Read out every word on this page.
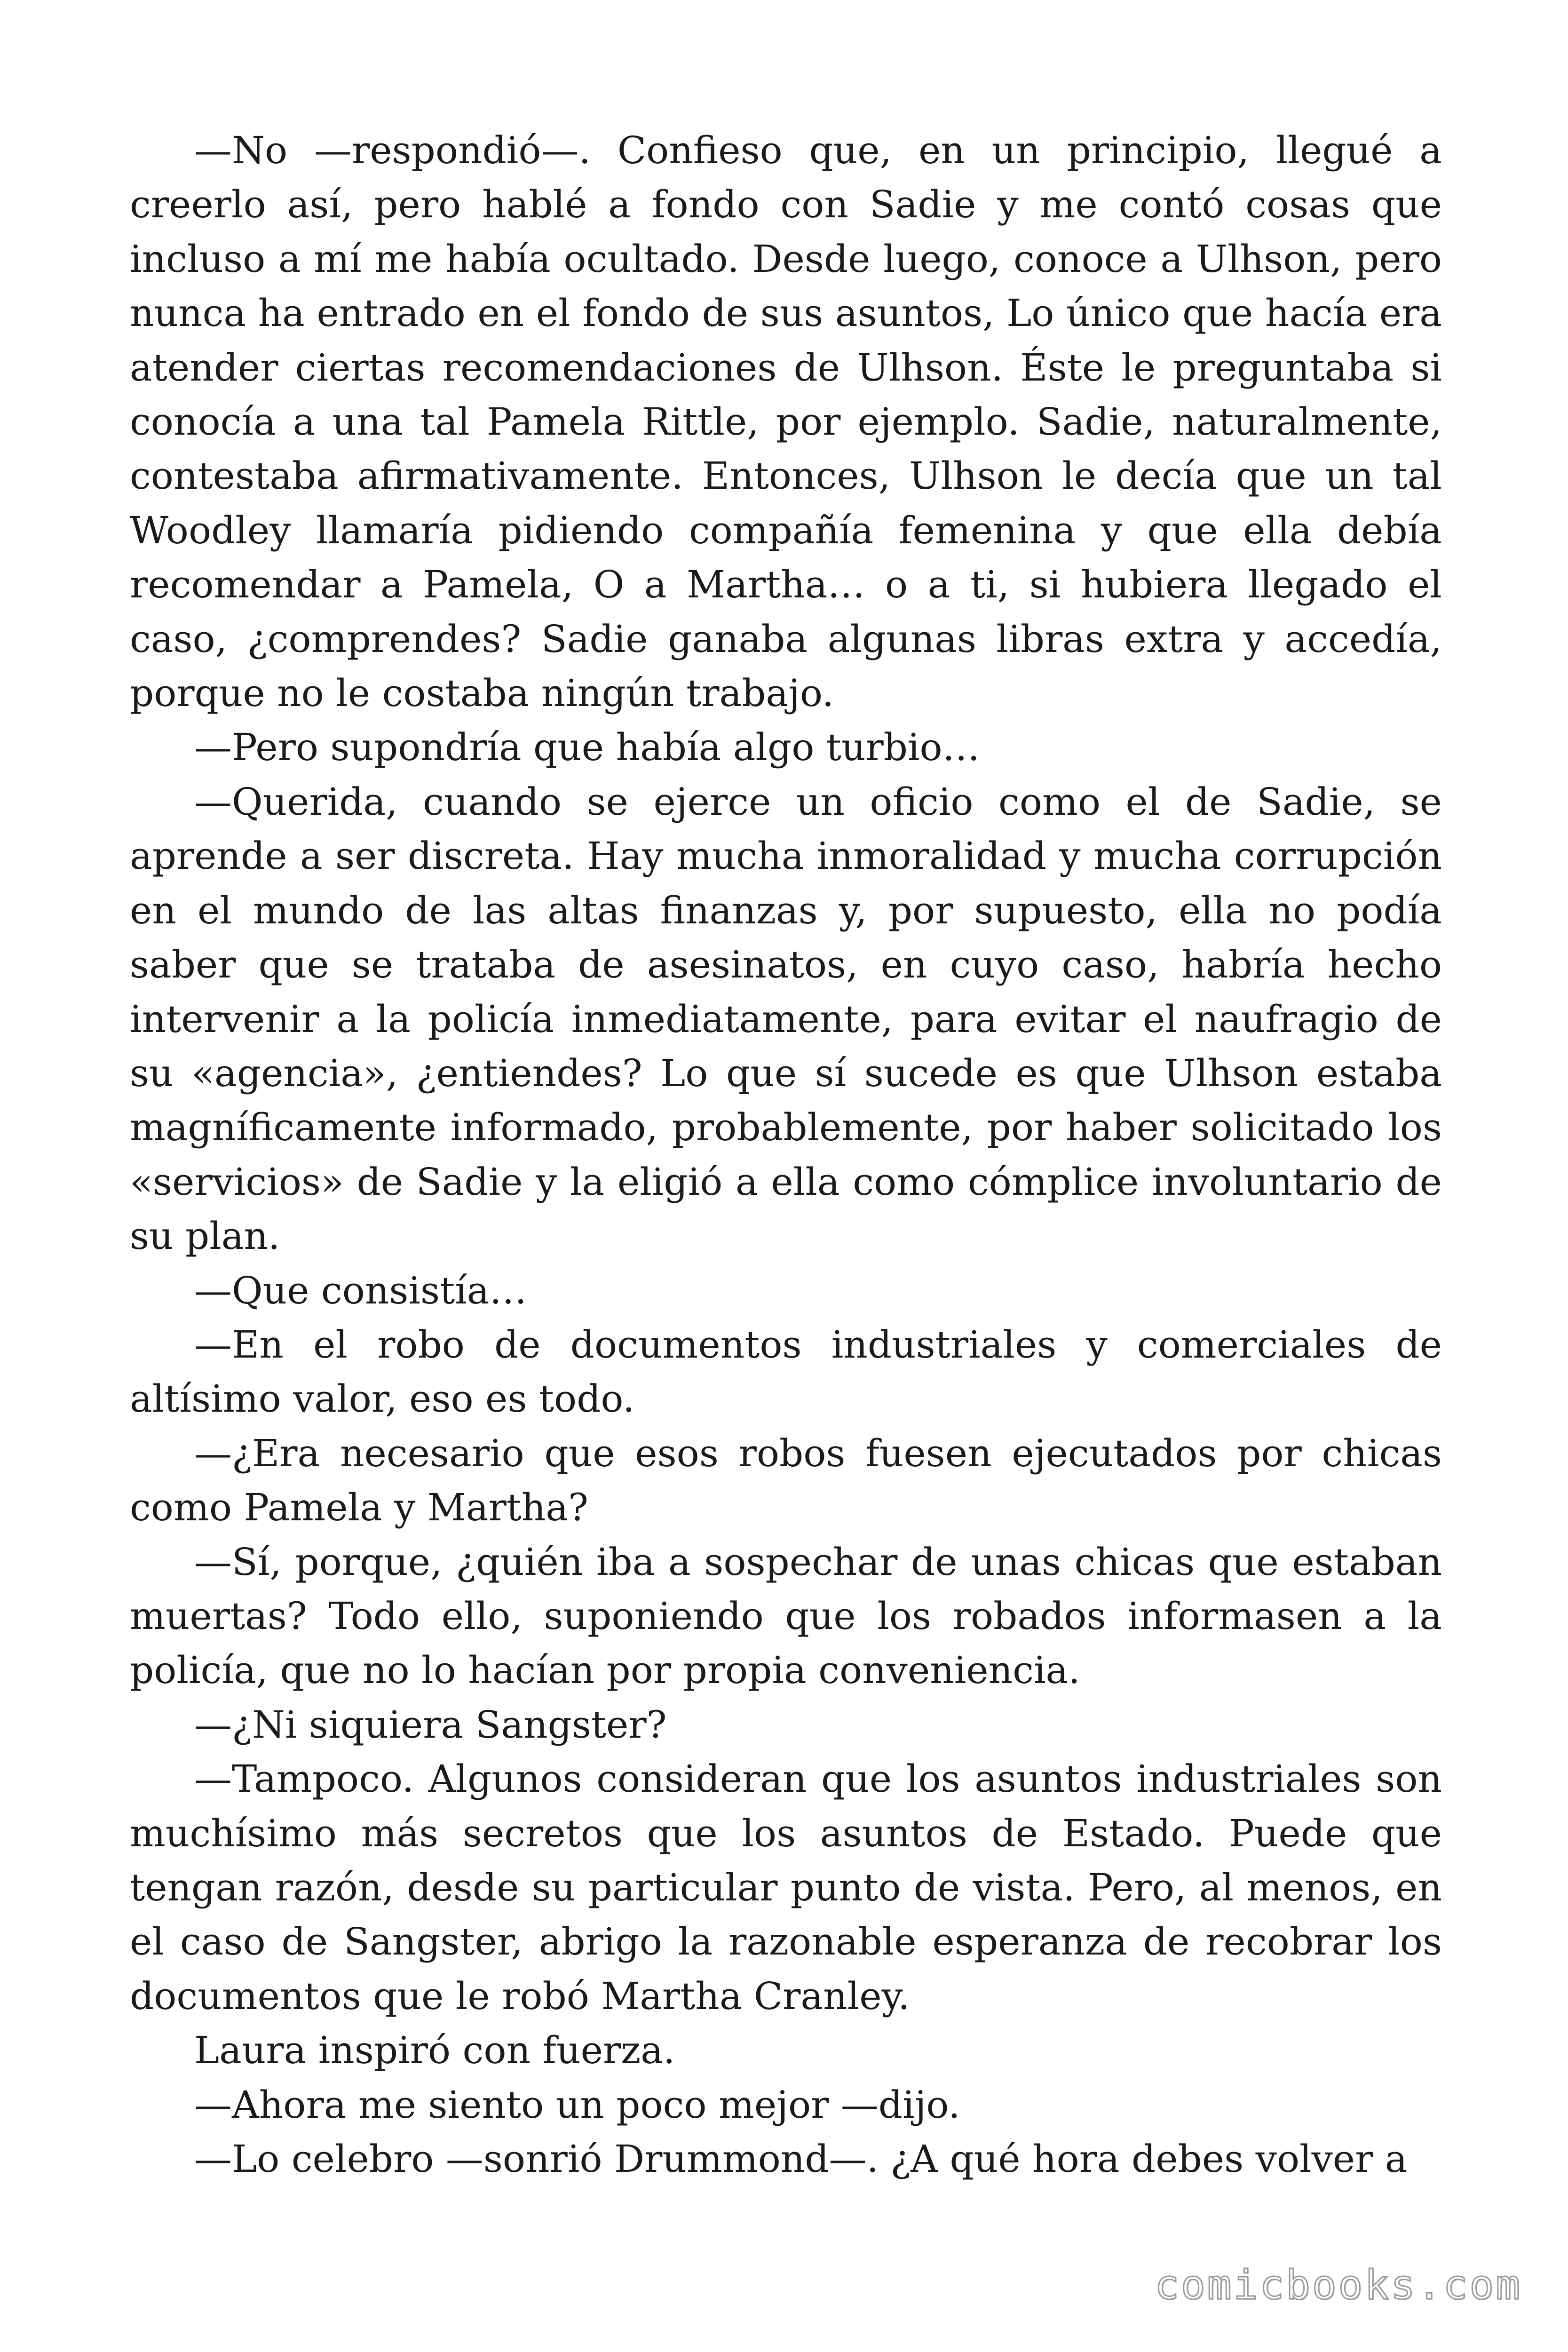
—No —respondió—. Confieso que, en un principio, llegué a creerlo así, pero hablé a fondo con Sadie y me contó cosas que incluso a mí me había ocultado. Desde luego, conoce a Ulhson, pero nunca ha entrado en el fondo de sus asuntos, Lo único que hacía era atender ciertas recomendaciones de Ulhson. Éste le preguntaba si conocía a una tal Pamela Rittle, por ejemplo. Sadie, naturalmente, contestaba afirmativamente. Entonces, Ulhson le decía que un tal Woodley llamaría pidiendo compañía femenina y que ella debía recomendar a Pamela, O a Martha… o a ti, si hubiera llegado el caso, ¿comprendes? Sadie ganaba algunas libras extra y accedía, porque no le costaba ningún trabajo.

—Pero supondría que había algo turbio…

—Querida, cuando se ejerce un oficio como el de Sadie, se aprende a ser discreta. Hay mucha inmoralidad y mucha corrupción en el mundo de las altas finanzas y, por supuesto, ella no podía saber que se trataba de asesinatos, en cuyo caso, habría hecho intervenir a la policía inmediatamente, para evitar el naufragio de su «agencia», ¿entiendes? Lo que sí sucede es que Ulhson estaba magníficamente informado, probablemente, por haber solicitado los «servicios» de Sadie y la eligió a ella como cómplice involuntario de su plan.

—Que consistía…

—En el robo de documentos industriales y comerciales de altísimo valor, eso es todo.

—¿Era necesario que esos robos fuesen ejecutados por chicas como Pamela y Martha?

—Sí, porque, ¿quién iba a sospechar de unas chicas que estaban muertas? Todo ello, suponiendo que los robados informasen a la policía, que no lo hacían por propia conveniencia.

—¿Ni siquiera Sangster?

—Tampoco. Algunos consideran que los asuntos industriales son muchísimo más secretos que los asuntos de Estado. Puede que tengan razón, desde su particular punto de vista. Pero, al menos, en el caso de Sangster, abrigo la razonable esperanza de recobrar los documentos que le robó Martha Cranley.

Laura inspiró con fuerza.

—Ahora me siento un poco mejor —dijo.

—Lo celebro —sonrió Drummond—. ¿A qué hora debes volver a

comicbooks.com
